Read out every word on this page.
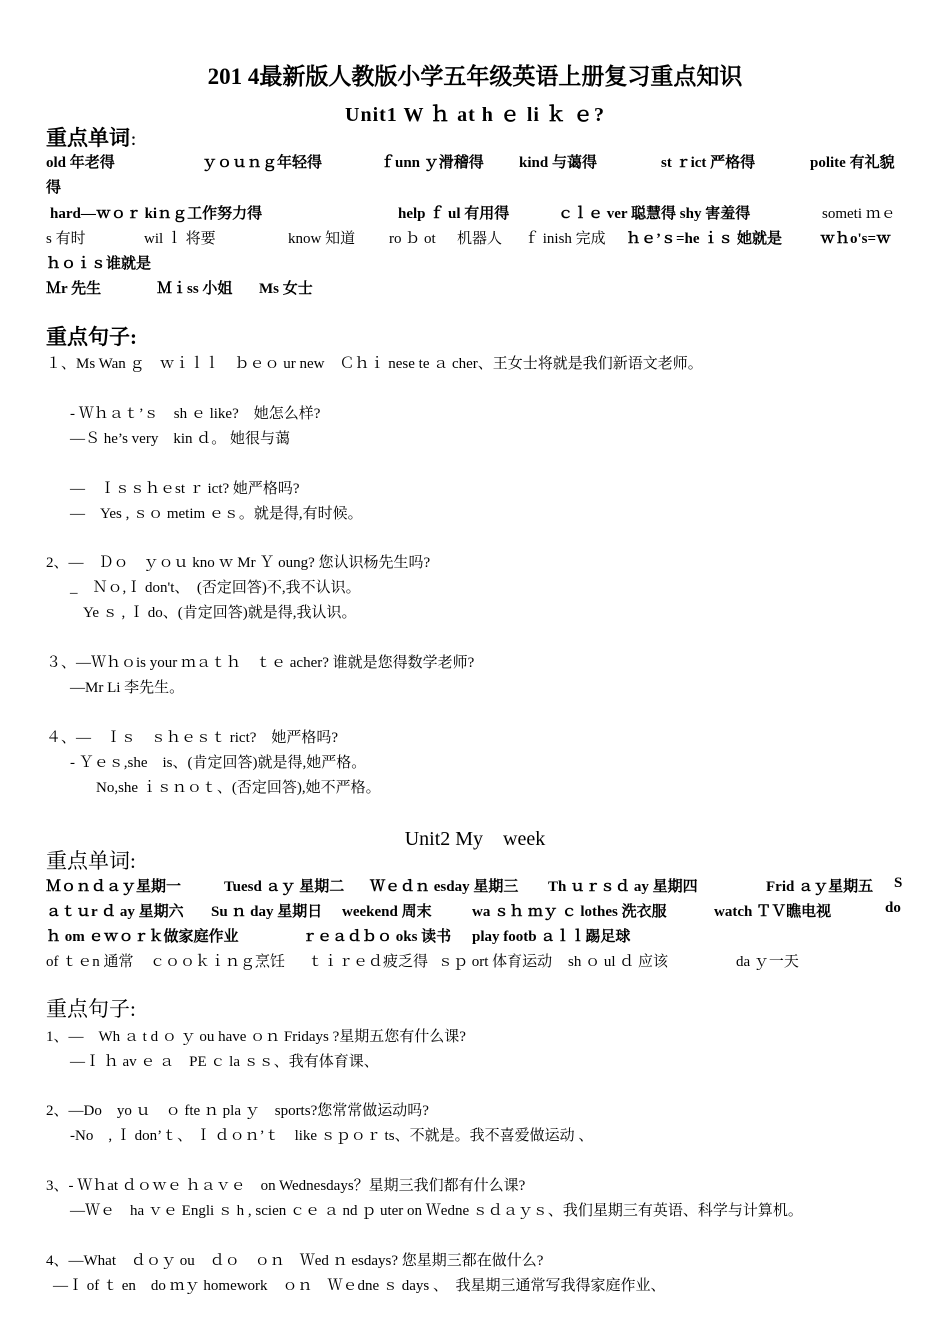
201 4最新版人教版小学五年级英语上册复习重点知识
Unit1 W ｈ at h ｅ li ｋ ｅ?
重点单词：
old 年老得	ｙｏｕｎｇ年轻得	ｆunn ｙ滑稽得 kind 与蔼得	st ｒict 严格得	polite 有礼貌
得
hard—ｗｏｒ kiｎｇ工作努力得	help ｆ ul 有用得	ｃｌｅ ver 聪慧得 shy 害羞得	someti ｍｅ
s 有时	wil ｌ 将要	know 知道 ro ｂ ot 机器人 ｆ inish 完成 ｈｅ’ｓ=he ｉｓ 她就是	ｗｈo's=ｗ
ｈｏｉｓ谁就是
Ｍr 先生	Ｍｉss 小姐 Ms 女士
重点句子:
１、Ms Wan ｇ　ｗｉｌｌ　ｂｅｏ ur new　Ｃｈｉ nese te ａ cher、王女士将就是我们新语文老师。
- Ｗｈａｔ’ｓ　sh ｅ like?　她怎么样?
—Ｓ he’s very　kin ｄ。 她很与蔼
—　Ｉｓｓｈｅst ｒ ict? 她严格吗?
—　Yes , ｓｏ metim ｅｓ。就是得,有时候。
2、—　Ｄｏ　ｙｏｕ kno ｗ Mr Ｙ oung? 您认识杨先生吗?
_　Ｎｏ,Ｉ don't、　(否定回答)不,我不认识。
Ye ｓ , Ｉ do、(肯定回答)就是得,我认识。
３、—Ｗｈｏis your ｍａｔｈ　ｔｅ acher? 谁就是您得数学老师?
—Mr Li 李先生。
４、—　Ｉｓ　ｓｈｅｓｔ rict?　她严格吗?
- Ｙｅｓ,she　is、(肯定回答)就是得,她严格。
No,she ｉｓｎｏｔ、(否定回答),她不严格。
Unit2 My　week
重点单词:
Ｍｏｎｄａｙ星期一	Tuesd ａｙ 星期二 Ｗｅｄｎ esday 星期三 Th ｕｒｓｄ ay 星期四	Frid ａｙ星期五 S
ａｔｕr ｄ ay 星期六 Su ｎ day 星期日 weekend 周末	wa ｓｈ ｍｙ ｃ lothes 洗衣服	watch ＴＶ瞧电视	do
ｈ om ｅｗｏｒｋ做家庭作业	ｒｅａｄｂｏ oks 读书 play footb ａｌｌ踢足球
of ｔｅn 通常 ｃｏｏｋｉｎｇ烹饪 ｔｉｒｅｄ疲乏得 ｓｐ ort 体育运动 sh ｏ ul ｄ 应该	da ｙ一天
重点句子:
1、—　Wh ａ t d ｏ ｙ ou have ｏｎ Fridays ?星期五您有什么课?
—Ｉ ｈ av ｅ ａ　PE ｃ la ｓｓ、我有体育课、
2、—Do　yo ｕ　ｏ fte ｎ pla ｙ　sports?您常常做运动吗?
-No　, Ｉ don’ｔ、 Ｉ ｄｏｎ’ｔ　like ｓｐｏｒ ts、不就是。我不喜爱做运动 、
3、- Ｗｈat ｄｏｗｅ ｈａｖｅ　on Wednesdays？星期三我们都有什么课?
—Ｗｅ　ha ｖｅ Engli ｓ h , scien ｃｅ ａ nd ｐ uter on Ｗedne ｓｄａｙｓ、我们星期三有英语、科学与计算机。
4、—What　ｄｏｙ ou　ｄｏ　ｏｎ　Ｗed ｎ esdays? 您星期三都在做什么?
—Ｉ of ｔ en　do ｍｙ homework　ｏｎ　Ｗｅdne ｓ days 、　我星期三通常写我得家庭作业、
